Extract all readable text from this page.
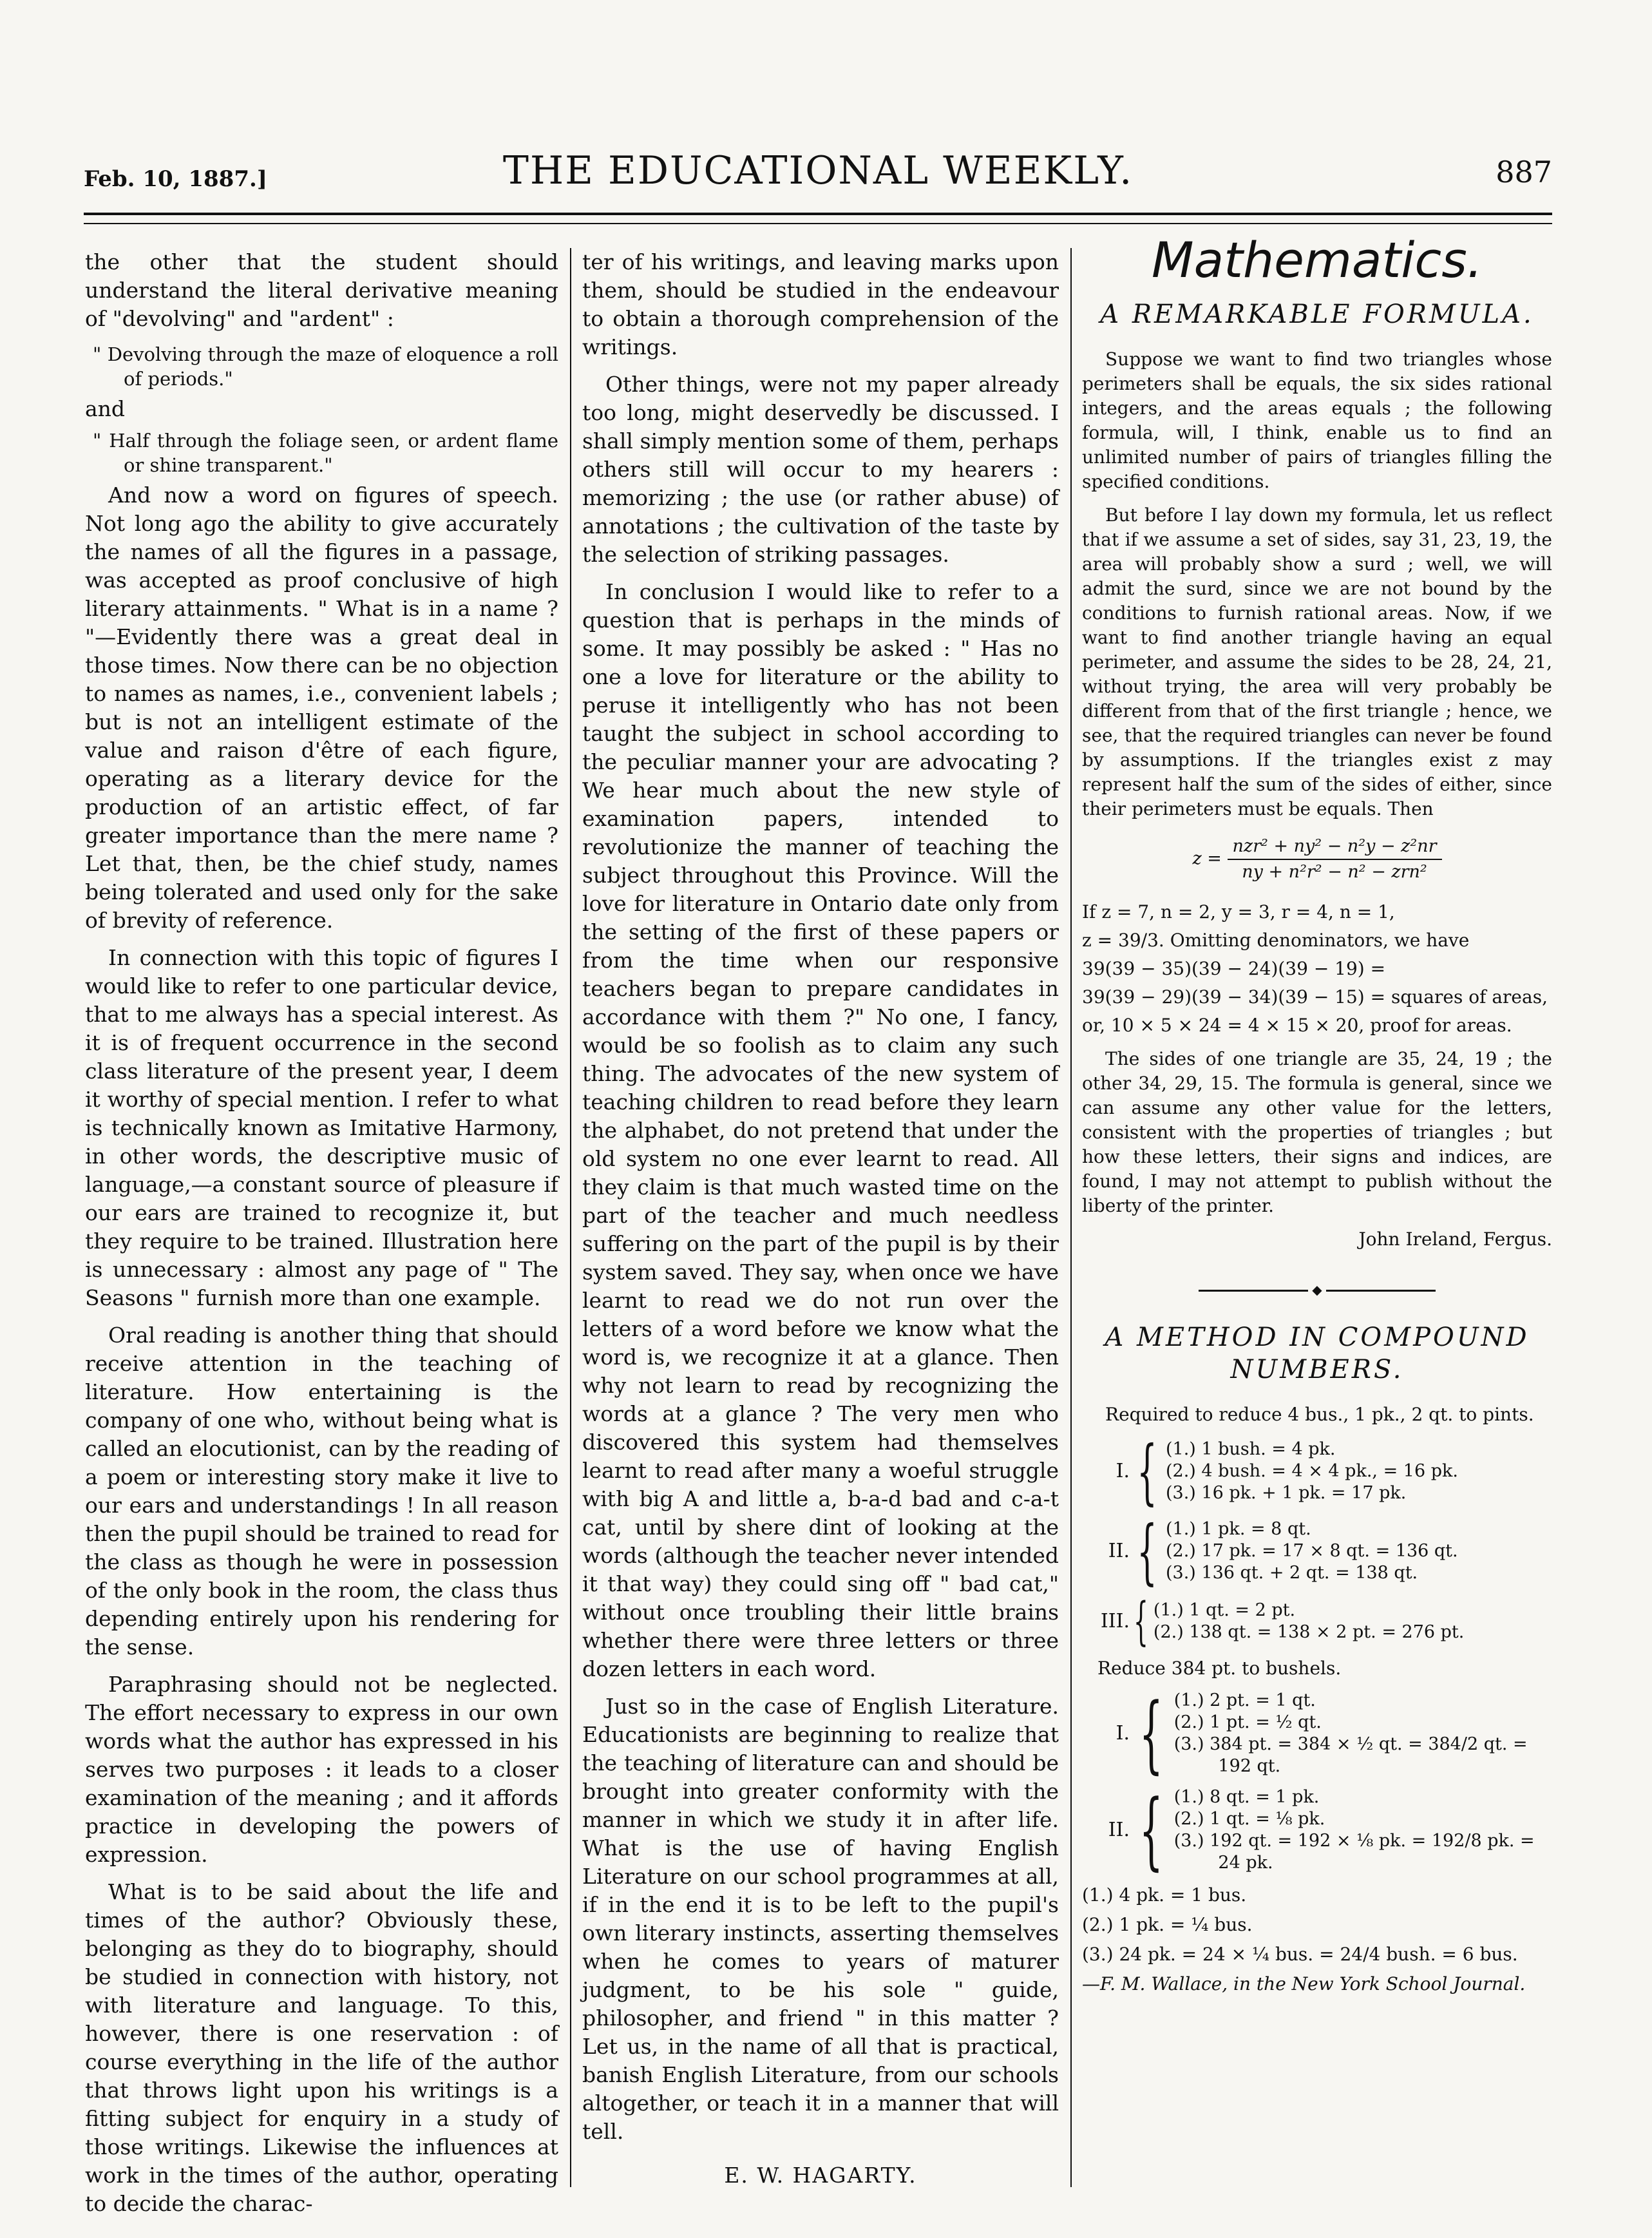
Feb. 10, 1887.]	THE EDUCATIONAL WEEKLY.	887

the other that the student should understand the literal derivative meaning of "devolving" and "ardent" :

" Devolving through the maze of eloquence a roll of periods."
and
" Half through the foliage seen, or ardent flame or shine transparent."

And now a word on figures of speech. Not long ago the ability to give accurately the names of all the figures in a passage, was accepted as proof conclusive of high literary attainments. " What is in a name ? "—Evidently there was a great deal in those times. Now there can be no objection to names as names, i.e., convenient labels ; but is not an intelligent estimate of the value and raison d'être of each figure, operating as a literary device for the production of an artistic effect, of far greater importance than the mere name ? Let that, then, be the chief study, names being tolerated and used only for the sake of brevity of reference.

In connection with this topic of figures I would like to refer to one particular device, that to me always has a special interest. As it is of frequent occurrence in the second class literature of the present year, I deem it worthy of special mention. I refer to what is technically known as Imitative Harmony, in other words, the descriptive music of language,—a constant source of pleasure if our ears are trained to recognize it, but they require to be trained. Illustration here is unnecessary : almost any page of " The Seasons " furnish more than one example.

Oral reading is another thing that should receive attention in the teaching of literature. How entertaining is the company of one who, without being what is called an elocutionist, can by the reading of a poem or interesting story make it live to our ears and understandings ! In all reason then the pupil should be trained to read for the class as though he were in possession of the only book in the room, the class thus depending entirely upon his rendering for the sense.

Paraphrasing should not be neglected. The effort necessary to express in our own words what the author has expressed in his serves two purposes : it leads to a closer examination of the meaning ; and it affords practice in developing the powers of expression.

What is to be said about the life and times of the author? Obviously these, belonging as they do to biography, should be studied in connection with history, not with literature and language. To this, however, there is one reservation : of course everything in the life of the author that throws light upon his writings is a fitting subject for enquiry in a study of those writings. Likewise the influences at work in the times of the author, operating to decide the charac-

ter of his writings, and leaving marks upon them, should be studied in the endeavour to obtain a thorough comprehension of the writings.

Other things, were not my paper already too long, might deservedly be discussed. I shall simply mention some of them, perhaps others still will occur to my hearers : memorizing ; the use (or rather abuse) of annotations ; the cultivation of the taste by the selection of striking passages.

In conclusion I would like to refer to a question that is perhaps in the minds of some. It may possibly be asked : " Has no one a love for literature or the ability to peruse it intelligently who has not been taught the subject in school according to the peculiar manner your are advocating ? We hear much about the new style of examination papers, intended to revolutionize the manner of teaching the subject throughout this Province. Will the love for literature in Ontario date only from the setting of the first of these papers or from the time when our responsive teachers began to prepare candidates in accordance with them ?" No one, I fancy, would be so foolish as to claim any such thing. The advocates of the new system of teaching children to read before they learn the alphabet, do not pretend that under the old system no one ever learnt to read. All they claim is that much wasted time on the part of the teacher and much needless suffering on the part of the pupil is by their system saved. They say, when once we have learnt to read we do not run over the letters of a word before we know what the word is, we recognize it at a glance. Then why not learn to read by recognizing the words at a glance ? The very men who discovered this system had themselves learnt to read after many a woeful struggle with big A and little a, b-a-d bad and c-a-t cat, until by shere dint of looking at the words (although the teacher never intended it that way) they could sing off " bad cat," without once troubling their little brains whether there were three letters or three dozen letters in each word.

Just so in the case of English Literature. Educationists are beginning to realize that the teaching of literature can and should be brought into greater conformity with the manner in which we study it in after life. What is the use of having English Literature on our school programmes at all, if in the end it is to be left to the pupil's own literary instincts, asserting themselves when he comes to years of maturer judgment, to be his sole " guide, philosopher, and friend " in this matter ? Let us, in the name of all that is practical, banish English Literature, from our schools altogether, or teach it in a manner that will tell.

E. W. HAGARTY.
Mathematics.
A REMARKABLE FORMULA.

Suppose we want to find two triangles whose perimeters shall be equals, the six sides rational integers, and the areas equals ; the following formula, will, I think, enable us to find an unlimited number of pairs of triangles filling the specified conditions.

But before I lay down my formula, let us reflect that if we assume a set of sides, say 31, 23, 19, the area will probably show a surd ; well, we will admit the surd, since we are not bound by the conditions to furnish rational areas. Now, if we want to find another triangle having an equal perimeter, and assume the sides to be 28, 24, 21, without trying, the area will very probably be different from that of the first triangle ; hence, we see, that the required triangles can never be found by assumptions. If the triangles exist z may represent half the sum of the sides of either, since their perimeters must be equals. Then

$z = \frac{\text{nzr² + ny² − n²y − z²nr}}{\text{ny + n²r² − n² − zrn²}}$
If z = 7, n = 2, y = 3, r = 4, n = 1,
z = 39/3. Omitting denominators, we have
39(39 − 35)(39 − 24)(39 − 19) =
39(39 − 29)(39 − 34)(39 − 15) = squares of areas,
or, 10 × 5 × 24 = 4 × 15 × 20, proof for areas.

The sides of one triangle are 35, 24, 19 ; the other 34, 29, 15. The formula is general, since we can assume any other value for the letters, consistent with the properties of triangles ; but how these letters, their signs and indices, are found, I may not attempt to publish without the liberty of the printer.

John Ireland, Fergus.
◆
A METHOD IN COMPOUND NUMBERS.

Required to reduce 4 bus., 1 pk., 2 qt. to pints.

I. { (1.) 1 bush. = 4 pk.
(2.) 4 bush. = 4 × 4 pk., = 16 pk.
(3.) 16 pk. + 1 pk. = 17 pk.
II. { (1.) 1 pk. = 8 qt.
(2.) 17 pk. = 17 × 8 qt. = 136 qt.
(3.) 136 qt. + 2 qt. = 138 qt.
III. { (1.) 1 qt. = 2 pt.
(2.) 138 qt. = 138 × 2 pt. = 276 pt.

Reduce 384 pt. to bushels.

I. { (1.) 2 pt. = 1 qt.
(2.) 1 pt. = ½ qt.
(3.) 384 pt. = 384 × ½ qt. = 384/2 qt. =
192 qt.
II. { (1.) 8 qt. = 1 pk.
(2.) 1 qt. = ⅛ pk.
(3.) 192 qt. = 192 × ⅛ pk. = 192/8 pk. =
24 pk.
(1.) 4 pk. = 1 bus.
(2.) 1 pk. = ¼ bus.
(3.) 24 pk. = 24 × ¼ bus. = 24/4 bush. = 6 bus.
—F. M. Wallace, in the New York School Journal.
